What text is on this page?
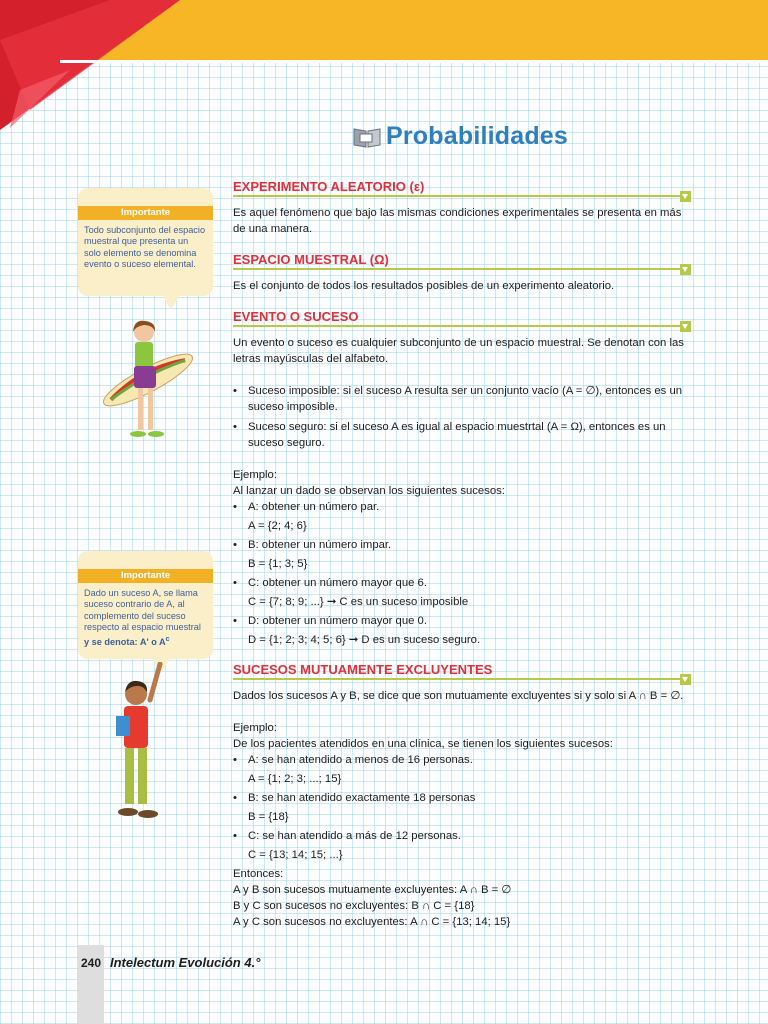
Probabilidades
Importante
Todo subconjunto del espacio muestral que presenta un solo elemento se denomina evento o suceso elemental.
Importante
Dado un suceso A, se llama suceso contrario de A, al complemento del suceso respecto al espacio muestral y se denota: A' o $A^c$
EXPERIMENTO ALEATORIO (ε)

Es aquel fenómeno que bajo las mismas condiciones experimentales se presenta en más de una manera.

ESPACIO MUESTRAL (Ω)

Es el conjunto de todos los resultados posibles de un experimento aleatorio.

EVENTO O SUCESO

Un evento o suceso es cualquier subconjunto de un espacio muestral. Se denotan con las letras mayúsculas del alfabeto.

• Suceso imposible: si el suceso A resulta ser un conjunto vacío (A = ∅), entonces es un suceso imposible.
• Suceso seguro: si el suceso A es igual al espacio muestrtal (A = Ω), entonces es un suceso seguro.

Ejemplo:

Al lanzar un dado se observan los siguientes sucesos:

• A: obtener un número par.

A = {2; 4; 6}

• B: obtener un número impar.

B = {1; 3; 5}

• C: obtener un número mayor que 6.

C = {7; 8; 9; ...} ➞ C es un suceso imposible

• D: obtener un número mayor que 0.

D = {1; 2; 3; 4; 5; 6} ➞ D es un suceso seguro.

SUCESOS MUTUAMENTE EXCLUYENTES

Dados los sucesos A y B, se dice que son mutuamente excluyentes si y solo si A ∩ B = ∅.

Ejemplo:

De los pacientes atendidos en una clínica, se tienen los siguientes sucesos:

• A: se han atendido a menos de 16 personas.

A = {1; 2; 3; ...; 15}

• B: se han atendido exactamente 18 personas

B = {18}

• C: se han atendido a más de 12 personas.

C = {13; 14; 15; ...}

Entonces:

A y B son sucesos mutuamente excluyentes: A ∩ B = ∅

B y C son sucesos no excluyentes: B ∩ C = {18}

A y C son sucesos no excluyentes: A ∩ C = {13; 14; 15}

240 Intelectum Evolución 4.°
